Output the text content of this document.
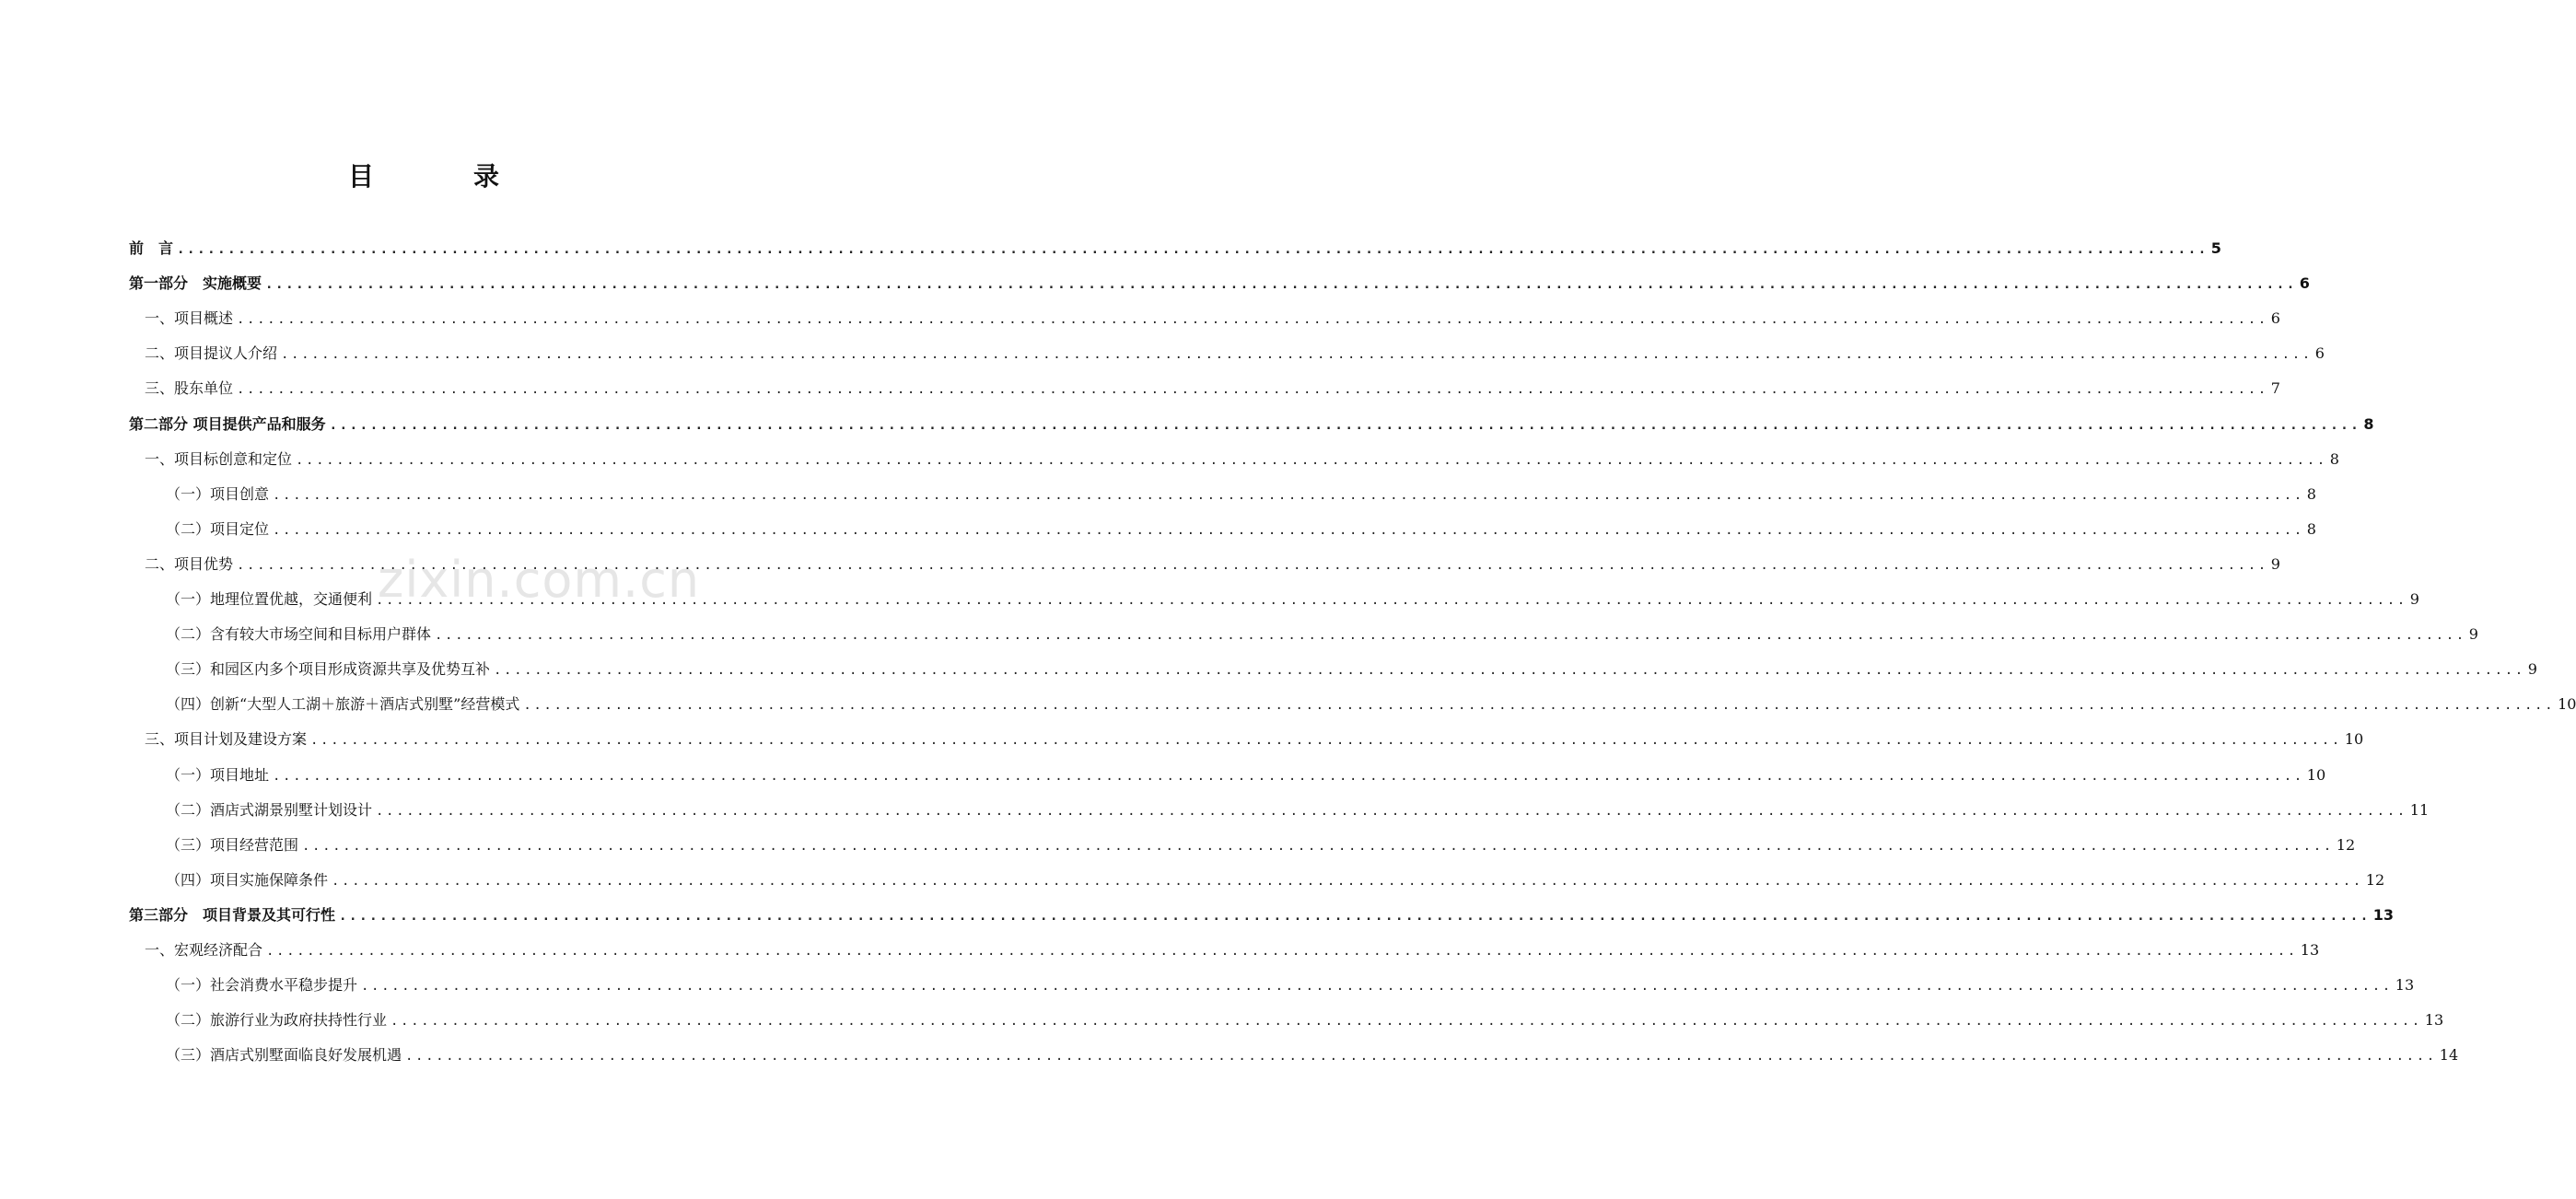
目　录
zixin.com.cn
前　言 ........................................................................................................................................................................................................ 5
第一部分　实施概要 ........................................................................................................................................................................................................ 6
一、项目概述 ........................................................................................................................................................................................................ 6
二、项目提议人介绍 ........................................................................................................................................................................................................ 6
三、股东单位 ........................................................................................................................................................................................................ 7
第二部分 项目提供产品和服务 ........................................................................................................................................................................................................ 8
一、项目标创意和定位 ........................................................................................................................................................................................................ 8
（一）项目创意 ........................................................................................................................................................................................................ 8
（二）项目定位 ........................................................................................................................................................................................................ 8
二、项目优势 ........................................................................................................................................................................................................ 9
（一）地理位置优越，交通便利 ........................................................................................................................................................................................................ 9
（二）含有较大市场空间和目标用户群体 ........................................................................................................................................................................................................ 9
（三）和园区内多个项目形成资源共享及优势互补 ........................................................................................................................................................................................................ 9
（四）创新“大型人工湖＋旅游＋酒店式别墅”经营模式 ........................................................................................................................................................................................................ 10
三、项目计划及建设方案 ........................................................................................................................................................................................................ 10
（一）项目地址 ........................................................................................................................................................................................................ 10
（二）酒店式湖景别墅计划设计 ........................................................................................................................................................................................................ 11
（三）项目经营范围 ........................................................................................................................................................................................................ 12
（四）项目实施保障条件 ........................................................................................................................................................................................................ 12
第三部分　项目背景及其可行性 ........................................................................................................................................................................................................ 13
一、宏观经济配合 ........................................................................................................................................................................................................ 13
（一）社会消费水平稳步提升 ........................................................................................................................................................................................................ 13
（二）旅游行业为政府扶持性行业 ........................................................................................................................................................................................................ 13
（三）酒店式别墅面临良好发展机遇 ........................................................................................................................................................................................................ 14
